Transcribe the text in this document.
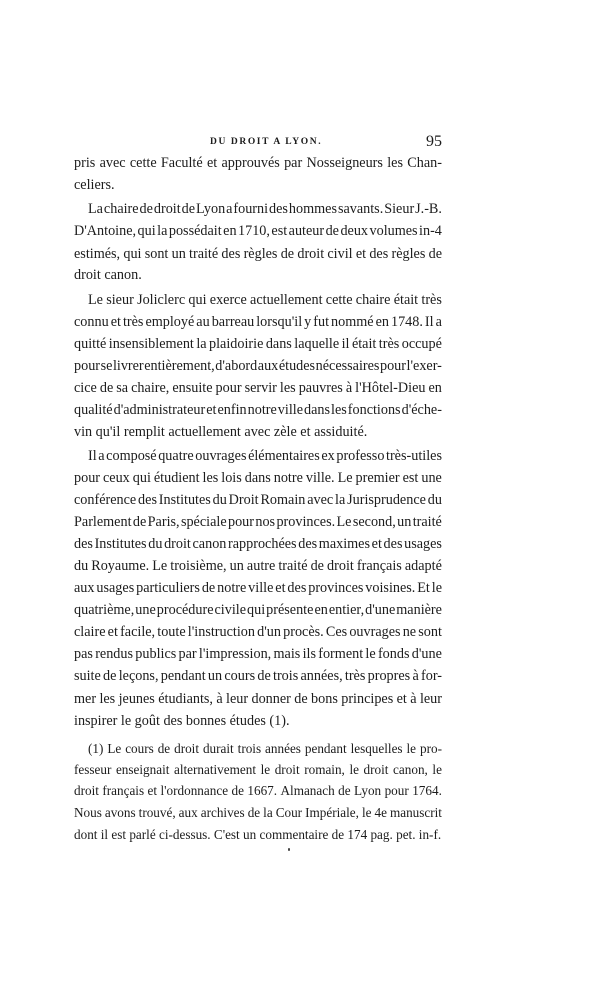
DU DROIT A LYON.	95
pris avec cette Faculté et approuvés par Nosseigneurs les Chan-
celiers.
La chaire de droit de Lyon a fourni des hommes savants. Sieur J.-B.
D'Antoine, qui la possédait en 1710, est auteur de deux volumes in-4
estimés, qui sont un traité des règles de droit civil et des règles de
droit canon.
Le sieur Joliclerc qui exerce actuellement cette chaire était très
connu et très employé au barreau lorsqu'il y fut nommé en 1748. Il a
quitté insensiblement la plaidoirie dans laquelle il était très occupé
pour se livrer entièrement, d'abord aux études nécessaires pour l'exer-
cice de sa chaire, ensuite pour servir les pauvres à l'Hôtel-Dieu en
qualité d'administrateur et enfin notre ville dans les fonctions d'éche-
vin qu'il remplit actuellement avec zèle et assiduité.
Il a composé quatre ouvrages élémentaires ex professo très-utiles
pour ceux qui étudient les lois dans notre ville. Le premier est une
conférence des Institutes du Droit Romain avec la Jurisprudence du
Parlement de Paris, spéciale pour nos provinces. Le second, un traité
des Institutes du droit canon rapprochées des maximes et des usages
du Royaume. Le troisième, un autre traité de droit français adapté
aux usages particuliers de notre ville et des provinces voisines. Et le
quatrième, une procédure civile qui présente en entier, d'une manière
claire et facile, toute l'instruction d'un procès. Ces ouvrages ne sont
pas rendus publics par l'impression, mais ils forment le fonds d'une
suite de leçons, pendant un cours de trois années, très propres à for-
mer les jeunes étudiants, à leur donner de bons principes et à leur
inspirer le goût des bonnes études (1).
(1) Le cours de droit durait trois années pendant lesquelles le pro-
fesseur enseignait alternativement le droit romain, le droit canon, le
droit français et l'ordonnance de 1667. Almanach de Lyon pour 1764.
Nous avons trouvé, aux archives de la Cour Impériale, le 4e manuscrit
dont il est parlé ci-dessus. C'est un commentaire de 174 pag. pet. in-f.
